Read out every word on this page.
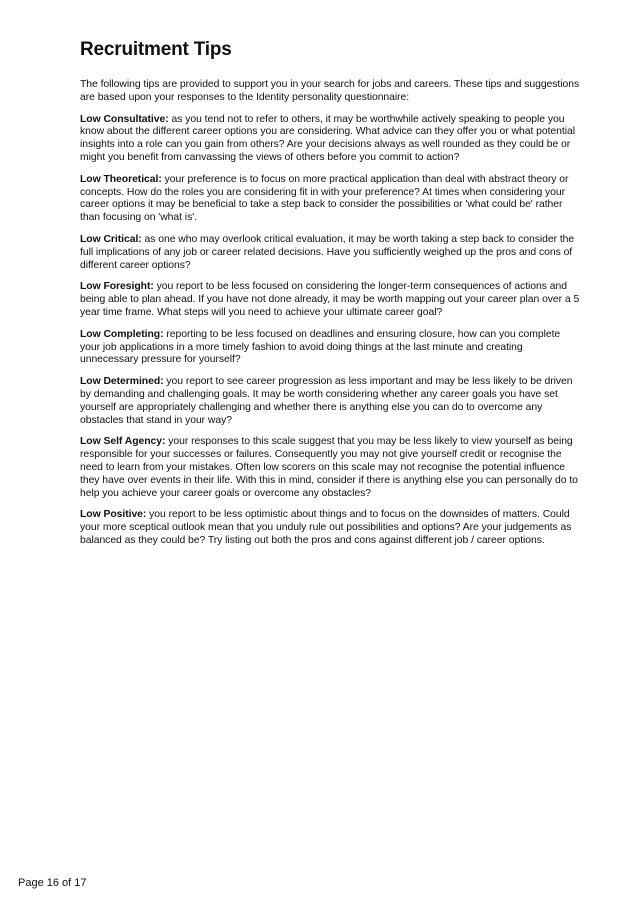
Recruitment Tips

The following tips are provided to support you in your search for jobs and careers. These tips and suggestions are based upon your responses to the Identity personality questionnaire:

Low Consultative: as you tend not to refer to others, it may be worthwhile actively speaking to people you know about the different career options you are considering. What advice can they offer you or what potential insights into a role can you gain from others? Are your decisions always as well rounded as they could be or might you benefit from canvassing the views of others before you commit to action?

Low Theoretical: your preference is to focus on more practical application than deal with abstract theory or concepts. How do the roles you are considering fit in with your preference? At times when considering your career options it may be beneficial to take a step back to consider the possibilities or 'what could be' rather than focusing on 'what is'.

Low Critical: as one who may overlook critical evaluation, it may be worth taking a step back to consider the full implications of any job or career related decisions. Have you sufficiently weighed up the pros and cons of different career options?

Low Foresight: you report to be less focused on considering the longer-term consequences of actions and being able to plan ahead. If you have not done already, it may be worth mapping out your career plan over a 5 year time frame. What steps will you need to achieve your ultimate career goal?

Low Completing: reporting to be less focused on deadlines and ensuring closure, how can you complete your job applications in a more timely fashion to avoid doing things at the last minute and creating unnecessary pressure for yourself?

Low Determined: you report to see career progression as less important and may be less likely to be driven by demanding and challenging goals. It may be worth considering whether any career goals you have set yourself are appropriately challenging and whether there is anything else you can do to overcome any obstacles that stand in your way?

Low Self Agency: your responses to this scale suggest that you may be less likely to view yourself as being responsible for your successes or failures. Consequently you may not give yourself credit or recognise the need to learn from your mistakes. Often low scorers on this scale may not recognise the potential influence they have over events in their life. With this in mind, consider if there is anything else you can personally do to help you achieve your career goals or overcome any obstacles?

Low Positive: you report to be less optimistic about things and to focus on the downsides of matters. Could your more sceptical outlook mean that you unduly rule out possibilities and options? Are your judgements as balanced as they could be? Try listing out both the pros and cons against different job / career options.

Page 16 of 17
